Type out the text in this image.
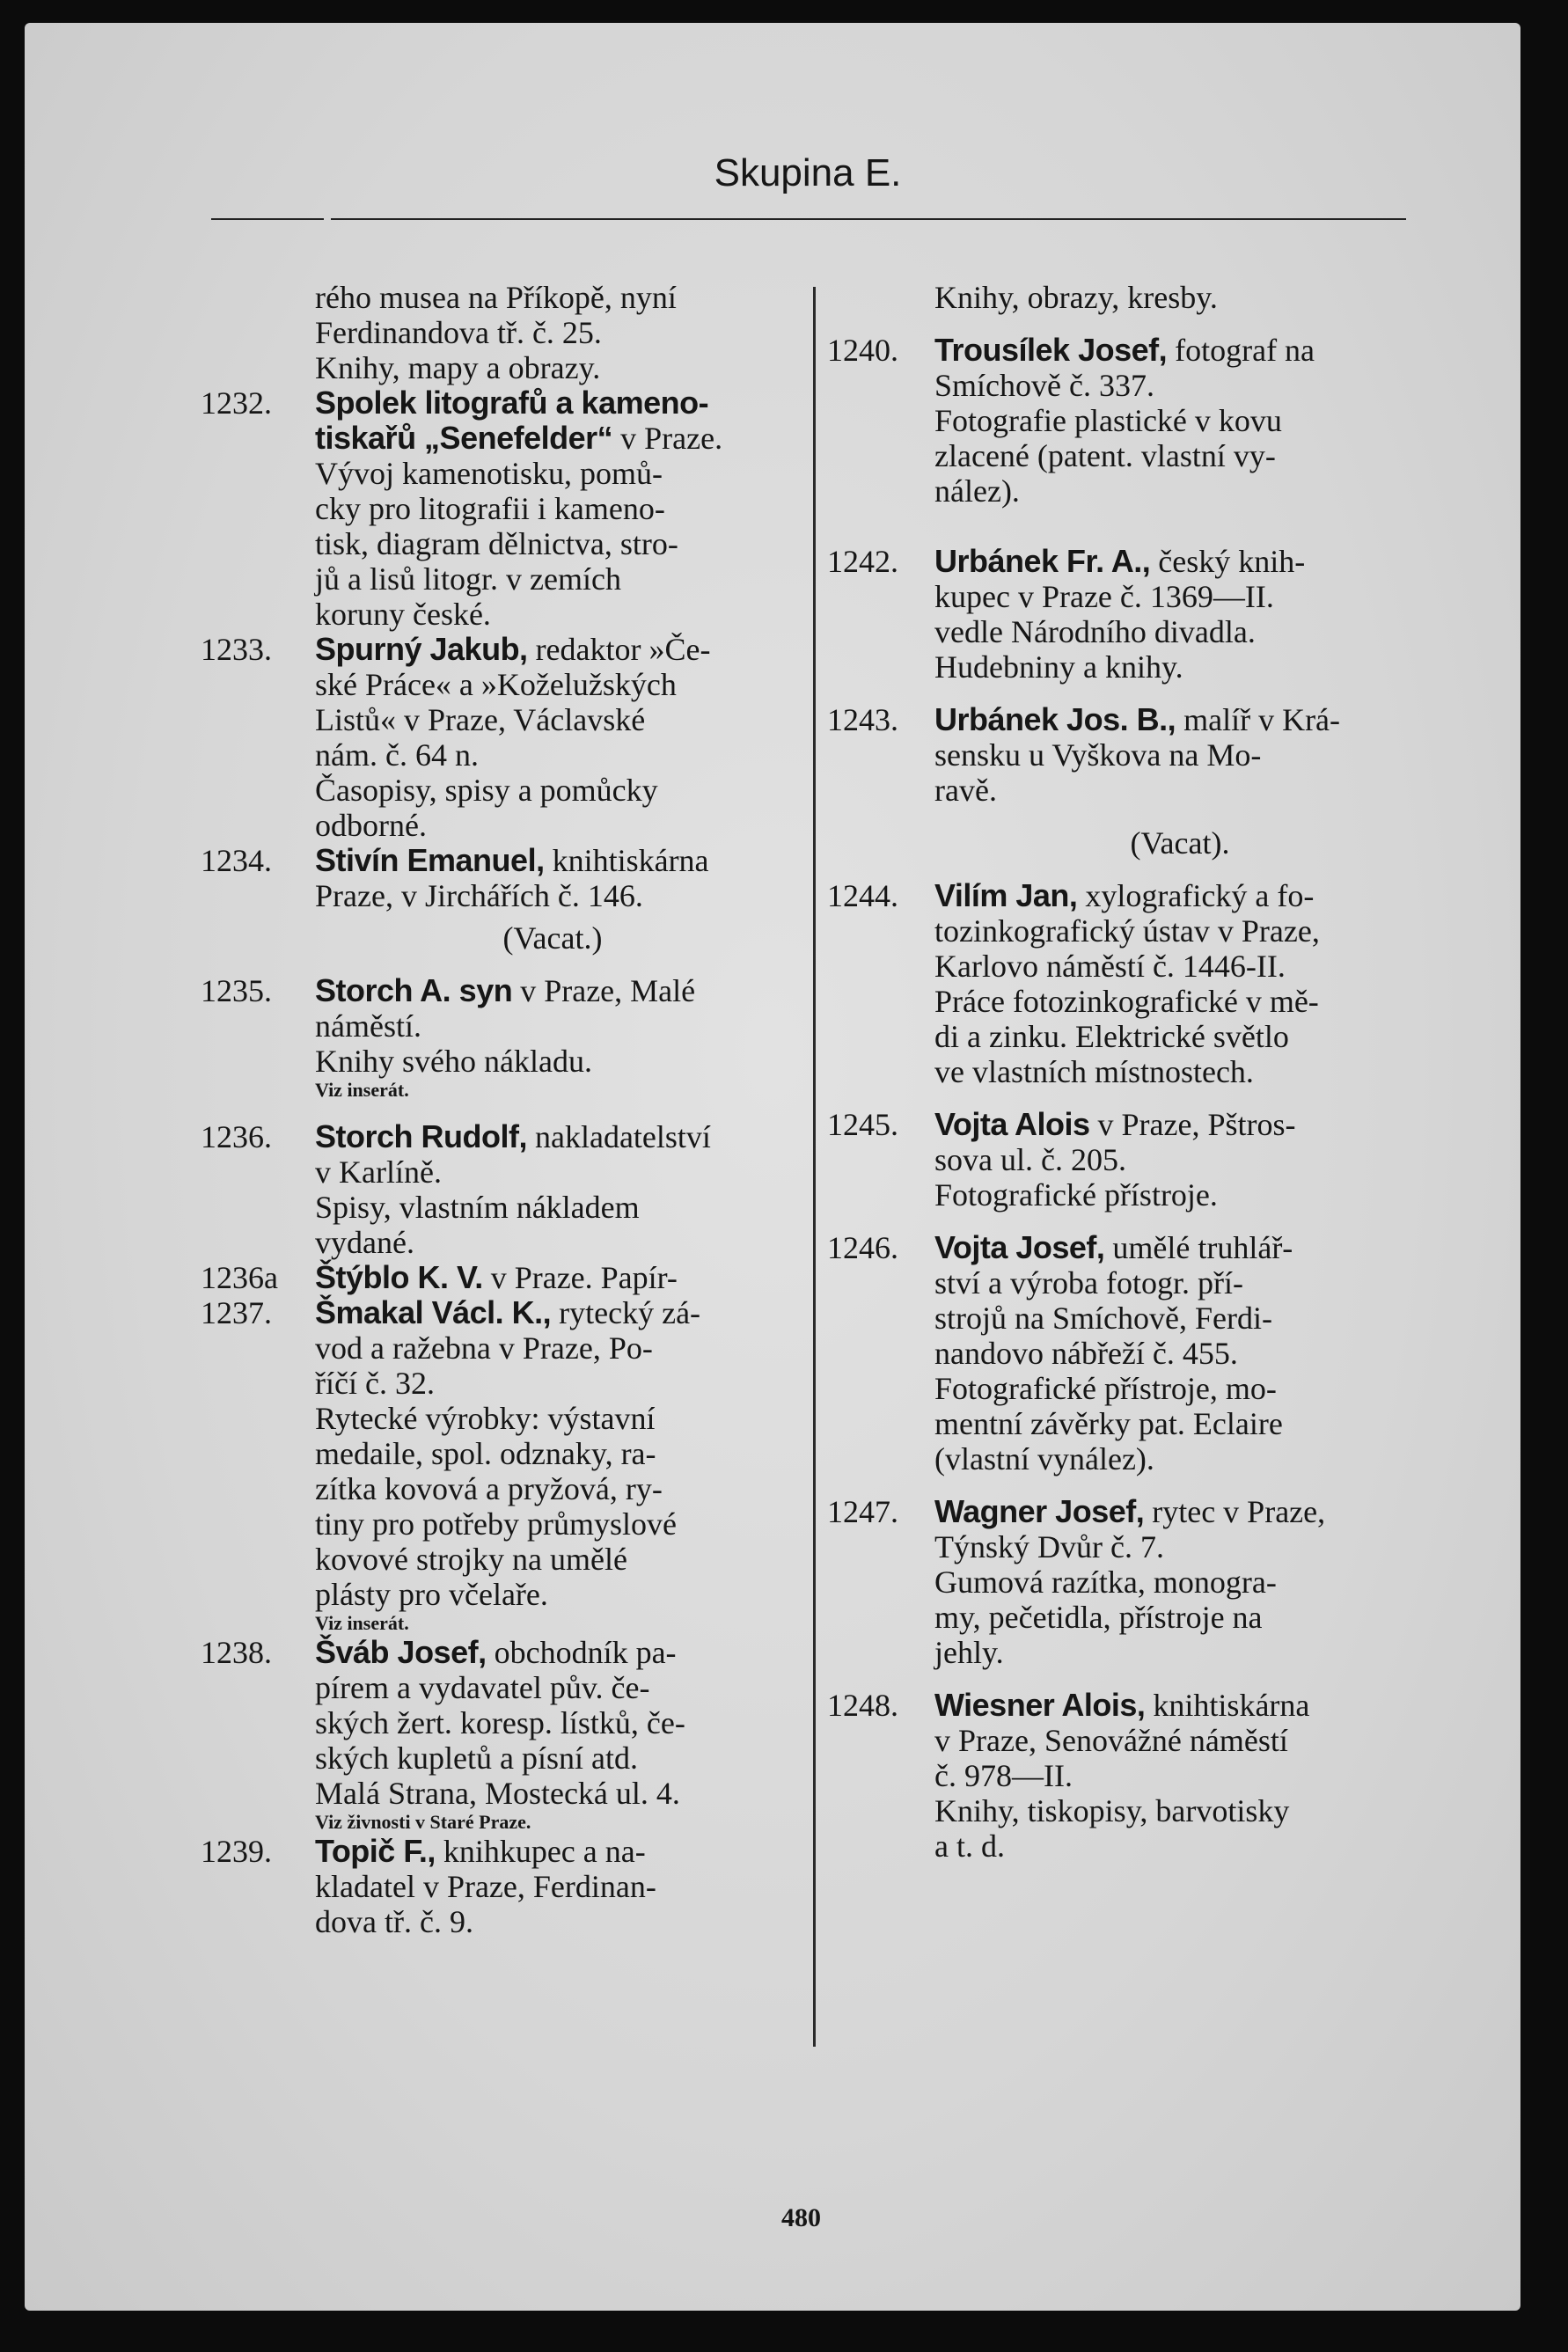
Skupina E.
rého musea na Příkopě, nyní
Ferdinandova tř. č. 25.
Knihy, mapy a obrazy.
1232.	Spolek litografů a kameno-
tiskařů „Senefelder“ v Praze.
Vývoj kamenotisku, pomů-
cky pro litografii i kameno-
tisk, diagram dělnictva, stro-
jů a lisů litogr. v zemích
koruny české.
1233.	Spurný Jakub, redaktor »Če-
ské Práce« a »Koželužských
Listů« v Praze, Václavské
nám. č. 64 n.
Časopisy, spisy a pomůcky
odborné.
1234.	Stivín Emanuel, knihtiskárna
Praze, v Jirchářích č. 146.
(Vacat.)
1235.	Storch A. syn v Praze, Malé
náměstí.
Knihy svého nákladu.
Viz inserát.
1236.	Storch Rudolf, nakladatelství
v Karlíně.
Spisy, vlastním nákladem
vydané.
1236a	Štýblo K. V. v Praze. Papír-
1237.	Šmakal Václ. K., rytecký zá-
vod a ražebna v Praze, Po-
říčí č. 32.
Rytecké výrobky: výstavní
medaile, spol. odznaky, ra-
zítka kovová a pryžová, ry-
tiny pro potřeby průmyslové
kovové strojky na umělé
plásty pro včelaře.
Viz inserát.
1238.	Šváb Josef, obchodník pa-
pírem a vydavatel pův. če-
ských žert. koresp. lístků, če-
ských kupletů a písní atd.
Malá Strana, Mostecká ul. 4.
Viz živnosti v Staré Praze.
1239.	Topič F., knihkupec a na-
kladatel v Praze, Ferdinan-
dova tř. č. 9.
Knihy, obrazy, kresby.
1240.	Trousílek Josef, fotograf na
Smíchově č. 337.
Fotografie plastické v kovu
zlacené (patent. vlastní vy-
nález).
1242.	Urbánek Fr. A., český knih-
kupec v Praze č. 1369—II.
vedle Národního divadla.
Hudebniny a knihy.
1243.	Urbánek Jos. B., malíř v Krá-
sensku u Vyškova na Mo-
ravě.
(Vacat).
1244.	Vilím Jan, xylografický a fo-
tozinkografický ústav v Praze,
Karlovo náměstí č. 1446-II.
Práce fotozinkografické v mě-
di a zinku. Elektrické světlo
ve vlastních místnostech.
1245.	Vojta Alois v Praze, Pštros-
sova ul. č. 205.
Fotografické přístroje.
1246.	Vojta Josef, umělé truhlář-
ství a výroba fotogr. pří-
strojů na Smíchově, Ferdi-
nandovo nábřeží č. 455.
Fotografické přístroje, mo-
mentní závěrky pat. Eclaire
(vlastní vynález).
1247.	Wagner Josef, rytec v Praze,
Týnský Dvůr č. 7.
Gumová razítka, monogra-
my, pečetidla, přístroje na
jehly.
1248.	Wiesner Alois, knihtiskárna
v Praze, Senovážné náměstí
č. 978—II.
Knihy, tiskopisy, barvotisky
a t. d.
480
